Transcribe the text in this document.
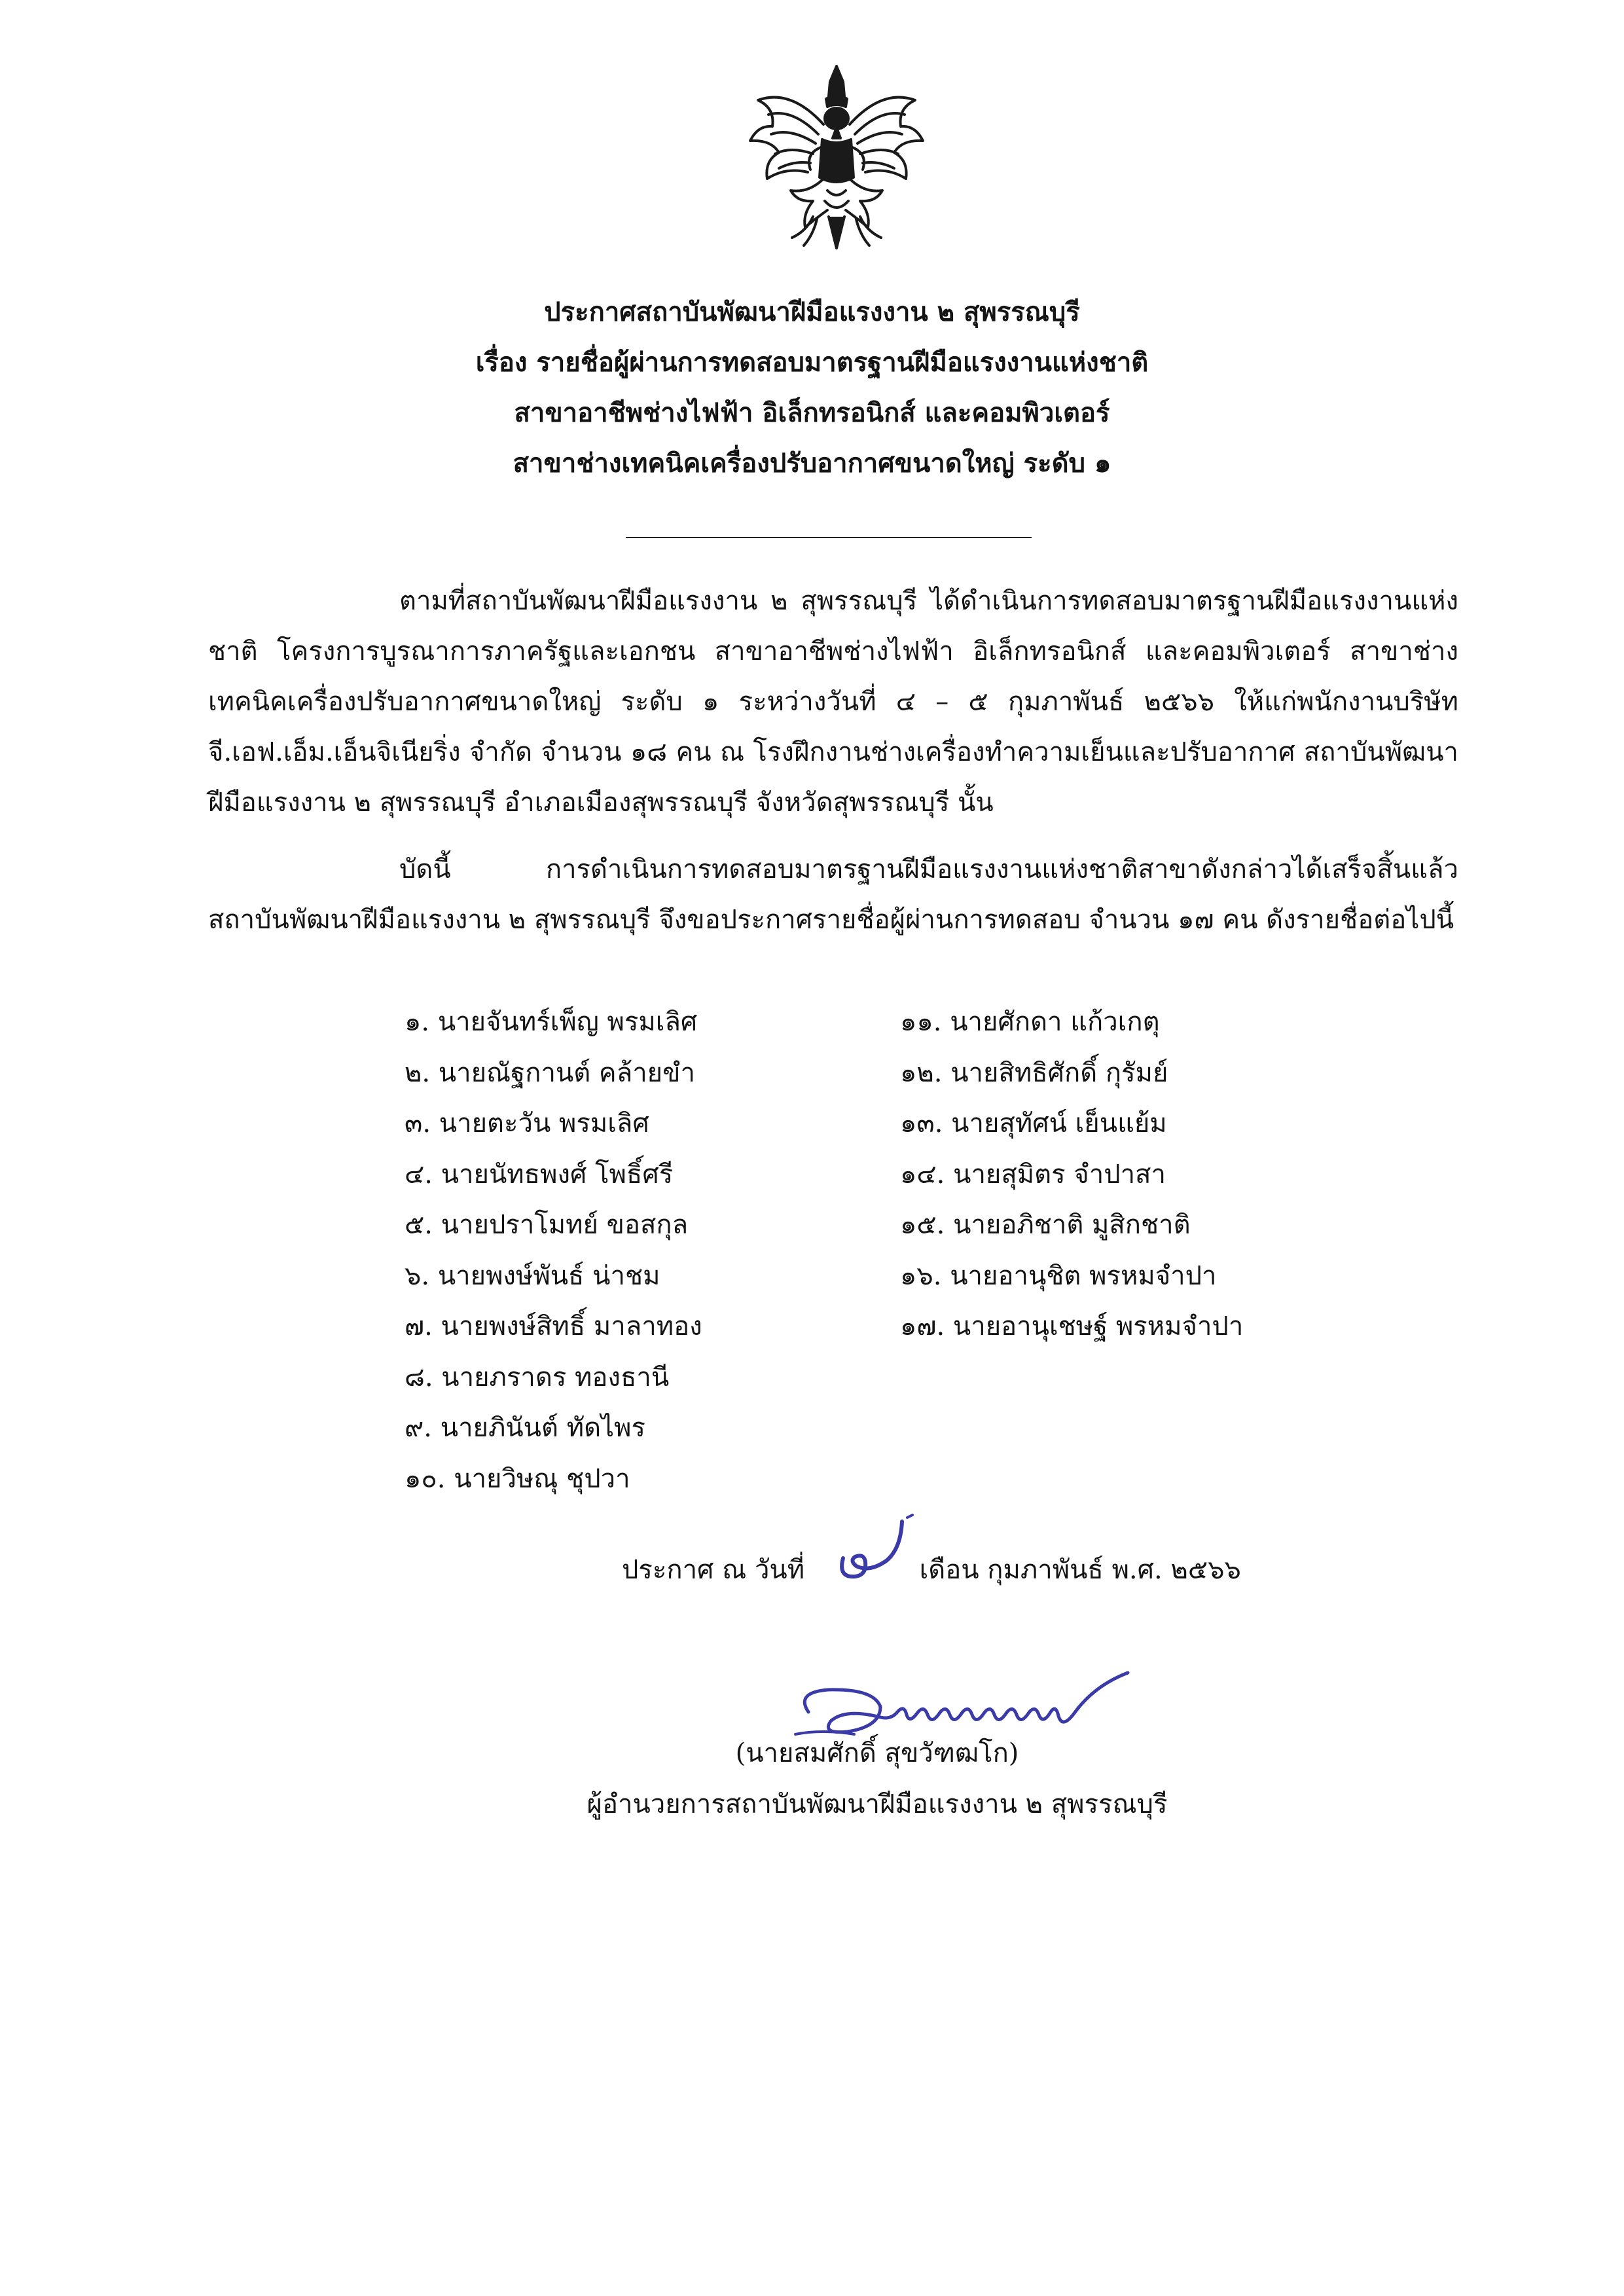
ประกาศสถาบันพัฒนาฝีมือแรงงาน ๒ สุพรรณบุรี
เรื่อง รายชื่อผู้ผ่านการทดสอบมาตรฐานฝีมือแรงงานแห่งชาติ
สาขาอาชีพช่างไฟฟ้า อิเล็กทรอนิกส์ และคอมพิวเตอร์
สาขาช่างเทคนิคเครื่องปรับอากาศขนาดใหญ่ ระดับ ๑
ตามที่สถาบันพัฒนาฝีมือแรงงาน ๒ สุพรรณบุรี ได้ดำเนินการทดสอบมาตรฐานฝีมือแรงงานแห่งชาติ โครงการบูรณาการภาครัฐและเอกชน สาขาอาชีพช่างไฟฟ้า อิเล็กทรอนิกส์ และคอมพิวเตอร์ สาขาช่างเทคนิคเครื่องปรับอากาศขนาดใหญ่ ระดับ ๑ ระหว่างวันที่ ๔ – ๕ กุมภาพันธ์ ๒๕๖๖ ให้แก่พนักงานบริษัท จี.เอฟ.เอ็ม.เอ็นจิเนียริ่ง จำกัด จำนวน ๑๘ คน ณ โรงฝึกงานช่างเครื่องทำความเย็นและปรับอากาศ สถาบันพัฒนาฝีมือแรงงาน ๒ สุพรรณบุรี อำเภอเมืองสุพรรณบุรี จังหวัดสุพรรณบุรี นั้น
บัดนี้ การดำเนินการทดสอบมาตรฐานฝีมือแรงงานแห่งชาติสาขาดังกล่าวได้เสร็จสิ้นแล้ว สถาบันพัฒนาฝีมือแรงงาน ๒ สุพรรณบุรี จึงขอประกาศรายชื่อผู้ผ่านการทดสอบ จำนวน ๑๗ คน ดังรายชื่อต่อไปนี้
๑. นายจันทร์เพ็ญ พรมเลิศ
๒. นายณัฐกานต์ คล้ายขำ
๓. นายตะวัน พรมเลิศ
๔. นายนัทธพงศ์ โพธิ์ศรี
๕. นายปราโมทย์ ขอสกุล
๖. นายพงษ์พันธ์ น่าชม
๗. นายพงษ์สิทธิ์ มาลาทอง
๘. นายภราดร ทองธานี
๙. นายภินันต์ ทัดไพร
๑๐. นายวิษณุ ชุปวา
๑๑. นายศักดา แก้วเกตุ
๑๒. นายสิทธิศักดิ์ กุรัมย์
๑๓. นายสุทัศน์ เย็นแย้ม
๑๔. นายสุมิตร จำปาสา
๑๕. นายอภิชาติ มูสิกชาติ
๑๖. นายอานุชิต พรหมจำปา
๑๗. นายอานุเชษฐ์ พรหมจำปา
ประกาศ ณ วันที่	เดือน กุมภาพันธ์ พ.ศ. ๒๕๖๖
(นายสมศักดิ์ สุขวัฑฒโก)
ผู้อำนวยการสถาบันพัฒนาฝีมือแรงงาน ๒ สุพรรณบุรี
